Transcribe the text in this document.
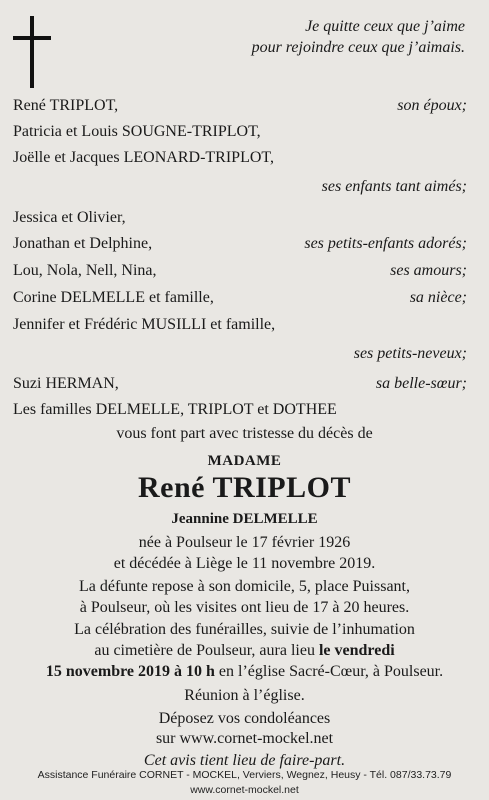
Je quitte ceux que j’aime
pour rejoindre ceux que j’aimais.
René TRIPLOT,	son époux;
Patricia et Louis SOUGNE-TRIPLOT,
Joëlle et Jacques LEONARD-TRIPLOT,
ses enfants tant aimés;
Jessica et Olivier,
Jonathan et Delphine,	ses petits-enfants adorés;
Lou, Nola, Nell, Nina,	ses amours;
Corine DELMELLE et famille,	sa nièce;
Jennifer et Frédéric MUSILLI et famille,
ses petits-neveux;
Suzi HERMAN,	sa belle-sœur;
Les familles DELMELLE, TRIPLOT et DOTHEE
vous font part avec tristesse du décès de
MADAME
René TRIPLOT
Jeannine DELMELLE
née à Poulseur le 17 février 1926
et décédée à Liège le 11 novembre 2019.
La défunte repose à son domicile, 5, place Puissant,
à Poulseur, où les visites ont lieu de 17 à 20 heures.
La célébration des funérailles, suivie de l’inhumation
au cimetière de Poulseur, aura lieu le vendredi
15 novembre 2019 à 10 h en l’église Sacré-Cœur, à Poulseur.
Réunion à l’église.
Déposez vos condoléances
sur www.cornet-mockel.net
Cet avis tient lieu de faire-part.
Assistance Funéraire CORNET - MOCKEL, Verviers, Wegnez, Heusy - Tél. 087/33.73.79
www.cornet-mockel.net
